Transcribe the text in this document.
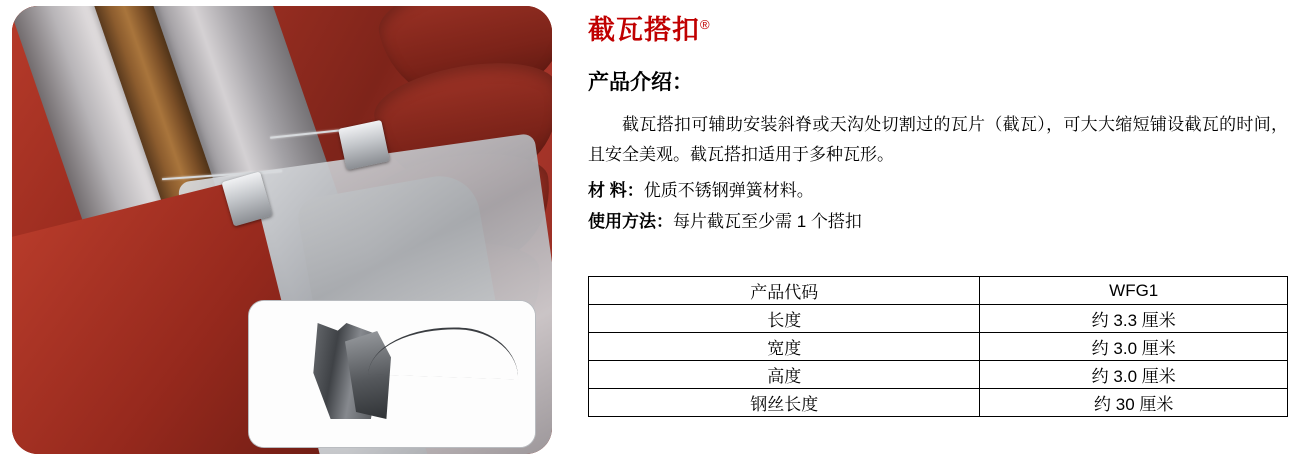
截瓦搭扣®
产品介绍：
截瓦搭扣可辅助安装斜脊或天沟处切割过的瓦片（截瓦），可大大缩短铺设截瓦的时间，且安全美观。截瓦搭扣适用于多种瓦形。
材 料：优质不锈钢弹簧材料。
使用方法：每片截瓦至少需 1 个搭扣
产品代码	WFG1
长度	约 3.3 厘米
宽度	约 3.0 厘米
高度	约 3.0 厘米
钢丝长度	约 30 厘米
